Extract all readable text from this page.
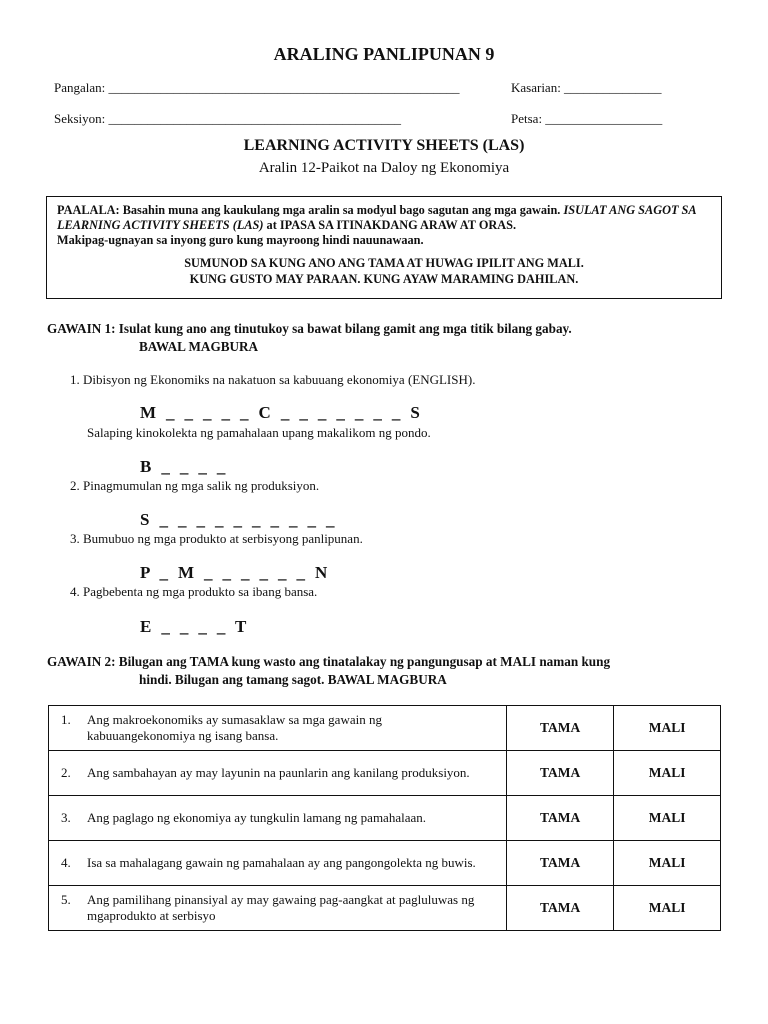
ARALING PANLIPUNAN 9
Pangalan: ______________________________________________________	Kasarian: _______________
Seksiyon: _____________________________________________	Petsa: __________________
LEARNING ACTIVITY SHEETS (LAS)
Aralin 12-Paikot na Daloy ng Ekonomiya
PAALALA: Basahin muna ang kaukulang mga aralin sa modyul bago sagutan ang mga gawain. ISULAT ANG SAGOT SA LEARNING ACTIVITY SHEETS (LAS) at IPASA SA ITINAKDANG ARAW AT ORAS.
Makipag-ugnayan sa inyong guro kung mayroong hindi nauunawaan.
SUMUNOD SA KUNG ANO ANG TAMA AT HUWAG IPILIT ANG MALI.
KUNG GUSTO MAY PARAAN. KUNG AYAW MARAMING DAHILAN.
GAWAIN 1: Isulat kung ano ang tinutukoy sa bawat bilang gamit ang mga titik bilang gabay.
BAWAL MAGBURA
1. Dibisyon ng Ekonomiks na nakatuon sa kabuuang ekonomiya (ENGLISH).
M  _  _  _  _  _  C  _  _  _  _  _  _  _  S
Salaping kinokolekta ng pamahalaan upang makalikom ng pondo.
B  _  _  _  _
2. Pinagmumulan ng mga salik ng produksiyon.
S  _  _  _  _  _  _  _  _  _  _
3. Bumubuo ng mga produkto at serbisyong panlipunan.
P  _  M  _  _  _  _  _  _  N
4. Pagbebenta ng mga produkto sa ibang bansa.
E  _  _  _  _  T
GAWAIN 2: Bilugan ang TAMA kung wasto ang tinatalakay ng pangungusap at MALI naman kung
hindi. Bilugan ang tamang sagot. BAWAL MAGBURA
1. Ang makroekonomiks ay sumasaklaw sa mga gawain ng kabuuangekonomiya ng isang bansa.	TAMA	MALI
2. Ang sambahayan ay may layunin na paunlarin ang kanilang produksiyon.	TAMA	MALI
3. Ang paglago ng ekonomiya ay tungkulin lamang ng pamahalaan.	TAMA	MALI
4. Isa sa mahalagang gawain ng pamahalaan ay ang pangongolekta ng buwis.	TAMA	MALI
5. Ang pamilihang pinansiyal ay may gawaing pag-aangkat at pagluluwas ng mgaprodukto at serbisyo	TAMA	MALI
